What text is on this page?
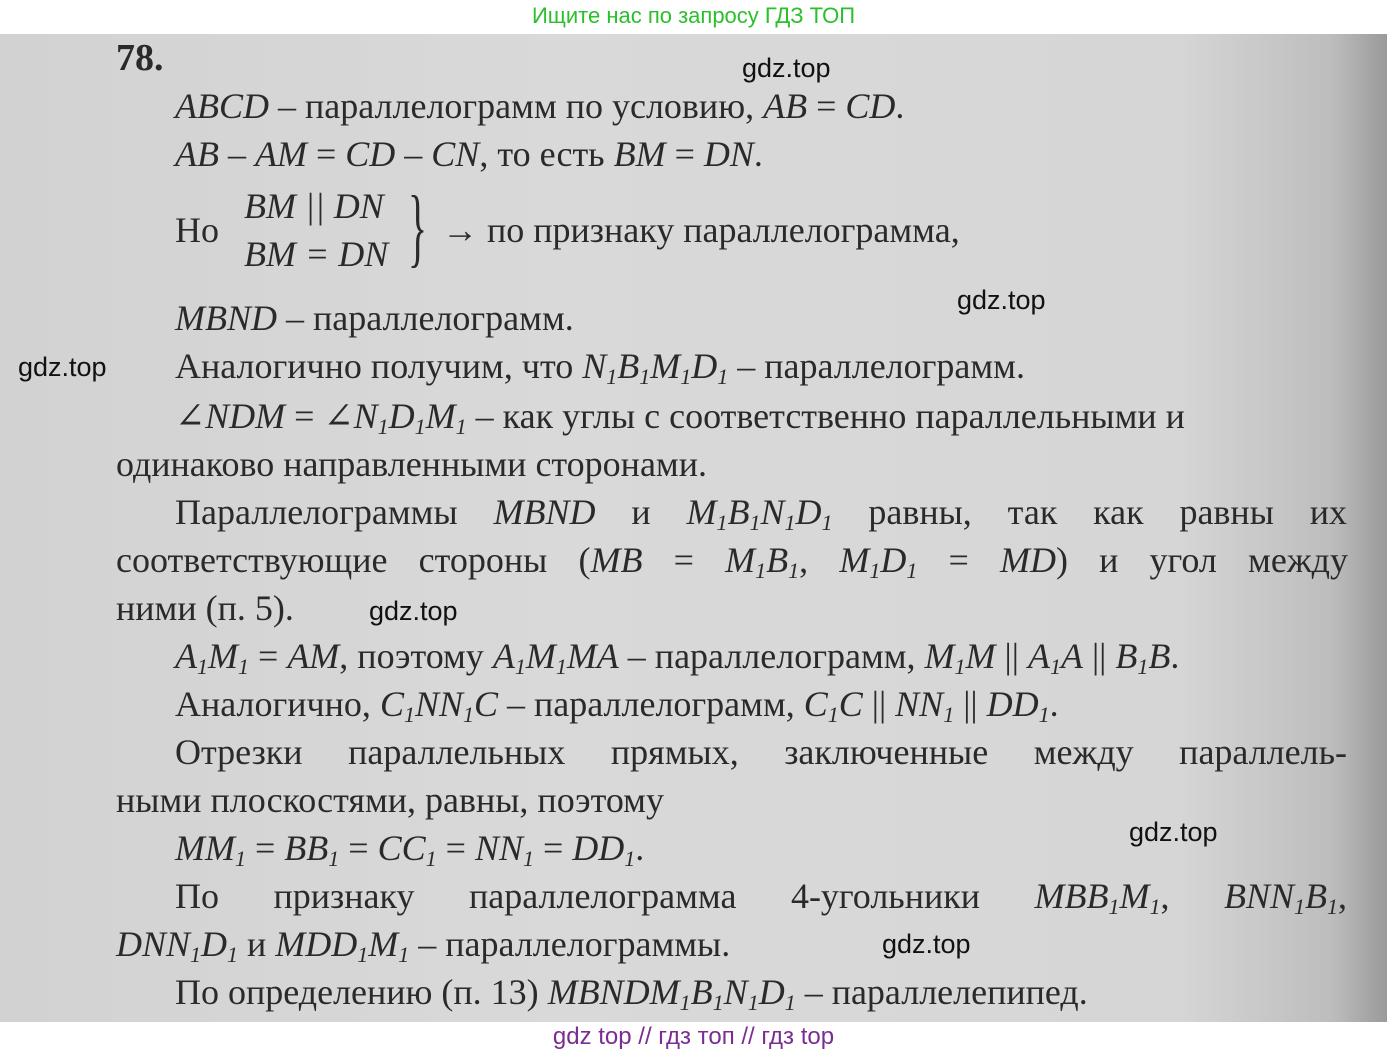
Ищите нас по запросу ГДЗ ТОП
78.
ABCD – параллелограмм по условию, AB = CD.
AB – AM = CD – CN, то есть BM = DN.
Но
BM || DN
BM = DN } → по признаку параллелограмма,
MBND – параллелограмм.
Аналогично получим, что $N_1B_1M_1D_1$ – параллелограмм.
∠NDM = $\angle N_1D_1M_1$ – как углы с соответственно параллельными и
одинаково направленными сторонами.
Параллелограммы MBND и $M_1B_1N_1D_1$ равны, так как равны их
соответствующие стороны ($MB = M_1B_1$, $M_1D_1 = MD$) и угол между
ними (п. 5).
$A_1M_1$ = AM, поэтому $A_1M_1MA$ – параллелограмм, $M_1M$ || $A_1A$ || $B_1B$.
Аналогично, $C_1NN_1C$ – параллелограмм, $C_1C$ || $NN_1$ || $DD_1$.
Отрезки параллельных прямых, заключенные между параллель-
ными плоскостями, равны, поэтому
$MM_1 = BB_1 = CC_1 = NN_1 = DD_1$.
По признаку параллелограмма 4-угольники $MBB_1M_1$, $BNN_1B_1$,
$DNN_1D_1$ и $MDD_1M_1$ – параллелограммы.
По определению (п. 13) $MBNDM_1B_1N_1D_1$ – параллелепипед.
gdz.top
gdz.top
gdz.top
gdz.top
gdz.top
gdz.top
gdz top // гдз топ // гдз top
